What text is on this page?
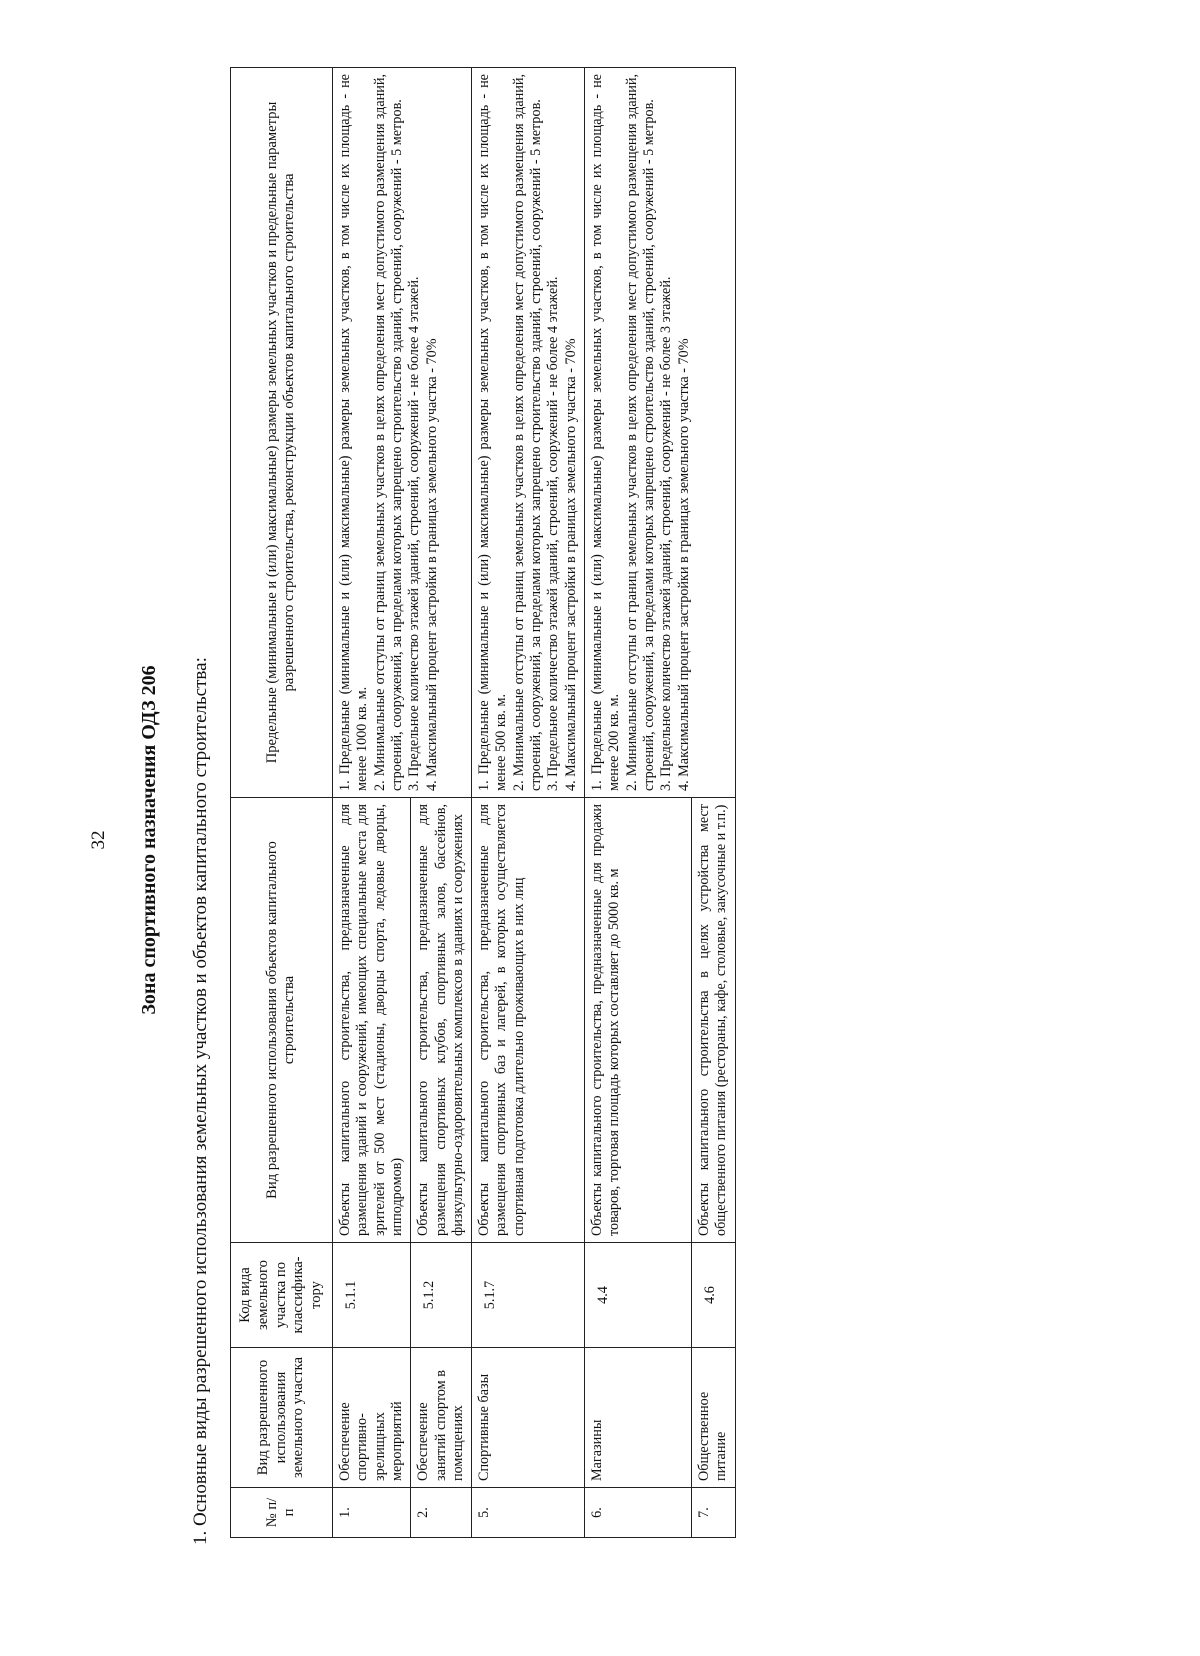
32 Зона спортивного назначения ОДЗ 206 1. Основные виды разрешенного использования земельных участков и объектов капитального строительства:	№ п/п	Вид разрешенного использования земельного участка	Код вида земельного участка по классифика-тору	Вид разрешенного использования объектов капитального строительства	Предельные (минимальные и (или) максимальные) размеры земельных участков и предельные параметры разрешенного строительства, реконструкции объектов капитального строительства
1.	Обеспечение спортивно-зрелищных мероприятий	5.1.1	Объекты капитального строительства, предназначенные для размещения зданий и сооружений, имеющих специальные места для зрителей от 500 мест (стадионы, дворцы спорта, ледовые дворцы, ипподромов)	1. Предельные (минимальные и (или) максимальные) размеры земельных участков, в том числе их площадь - не менее 1000 кв. м. 2. Минимальные отступы от границ земельных участков в целях определения мест допустимого размещения зданий, строений, сооружений, за пределами которых запрещено строительство зданий, строений, сооружений - 5 метров. 3. Предельное количество этажей зданий, строений, сооружений - не более 4 этажей. 4. Максимальный процент застройки в границах земельного участка - 70%

2.	Обеспечение занятий спортом в помещениях	5.1.2	Объекты капитального строительства, предназначенные для размещения спортивных клубов, спортивных залов, бассейнов, физкультурно-оздоровительных комплексов в зданиях и сооружениях	
5.	Спортивные базы	5.1.7	Объекты капитального строительства, предназначенные для размещения спортивных баз и лагерей, в которых осуществляется спортивная подготовка длительно проживающих в них лиц	1. Предельные (минимальные и (или) максимальные) размеры земельных участков, в том числе их площадь - не менее 500 кв. м. 2. Минимальные отступы от границ земельных участков в целях определения мест допустимого размещения зданий, строений, сооружений, за пределами которых запрещено строительство зданий, строений, сооружений - 5 метров. 3. Предельное количество этажей зданий, строений, сооружений - не более 4 этажей. 4. Максимальный процент застройки в границах земельного участка - 70%

6.	Магазины	4.4	Объекты капитального строительства, предназначенные для продажи товаров, торговая площадь которых составляет до 5000 кв. м	1. Предельные (минимальные и (или) максимальные) размеры земельных участков, в том числе их площадь - не менее 200 кв. м. 2. Минимальные отступы от границ земельных участков в целях определения мест допустимого размещения зданий, строений, сооружений, за пределами которых запрещено строительство зданий, строений, сооружений - 5 метров. 3. Предельное количество этажей зданий, строений, сооружений - не более 3 этажей. 4. Максимальный процент застройки в границах земельного участка - 70%

7.	Общественное питание	4.6	Объекты капитального строительства в целях устройства мест общественного питания (рестораны, кафе, столовые, закусочные и т.п.)	
